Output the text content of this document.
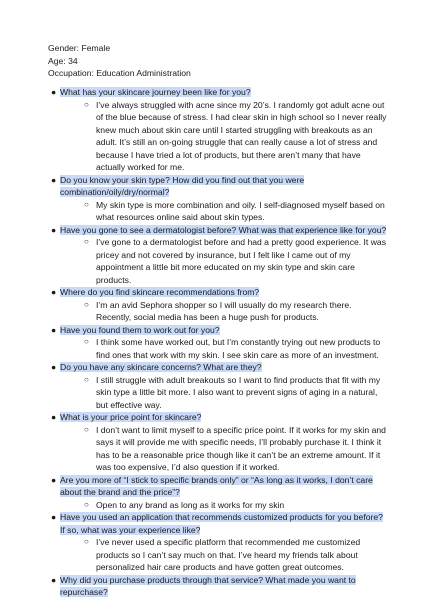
Gender: Female
Age: 34
Occupation: Education Administration

● What has your skincare journey been like for you?

○ I’ve always struggled with acne since my 20’s. I randomly got adult acne out of the blue because of stress. I had clear skin in high school so I never really knew much about skin care until I started struggling with breakouts as an adult. It’s still an on-going struggle that can really cause a lot of stress and because I have tried a lot of products, but there aren’t many that have actually worked for me.

● Do you know your skin type? How did you find out that you were combination/oily/dry/normal?

○ My skin type is more combination and oily. I self-diagnosed myself based on what resources online said about skin types.

● Have you gone to see a dermatologist before? What was that experience like for you?

○ I’ve gone to a dermatologist before and had a pretty good experience. It was pricey and not covered by insurance, but I felt like I came out of my appointment a little bit more educated on my skin type and skin care products.

● Where do you find skincare recommendations from?

○ I’m an avid Sephora shopper so I will usually do my research there. Recently, social media has been a huge push for products.

● Have you found them to work out for you?

○ I think some have worked out, but I’m constantly trying out new products to find ones that work with my skin. I see skin care as more of an investment.

● Do you have any skincare concerns? What are they?

○ I still struggle with adult breakouts so I want to find products that fit with my skin type a little bit more. I also want to prevent signs of aging in a natural, but effective way.

● What is your price point for skincare?

○ I don’t want to limit myself to a specific price point. If it works for my skin and says it will provide me with specific needs, I’ll probably purchase it. I think it has to be a reasonable price though like it can’t be an extreme amount. If it was too expensive, I’d also question if it worked.

● Are you more of “I stick to specific brands only” or “As long as it works, I don’t care about the brand and the price”?

○ Open to any brand as long as it works for my skin

● Have you used an application that recommends customized products for you before? If so, what was your experience like?

○ I’ve never used a specific platform that recommended me customized products so I can’t say much on that. I’ve heard my friends talk about personalized hair care products and have gotten great outcomes.

● Why did you purchase products through that service? What made you want to repurchase?
